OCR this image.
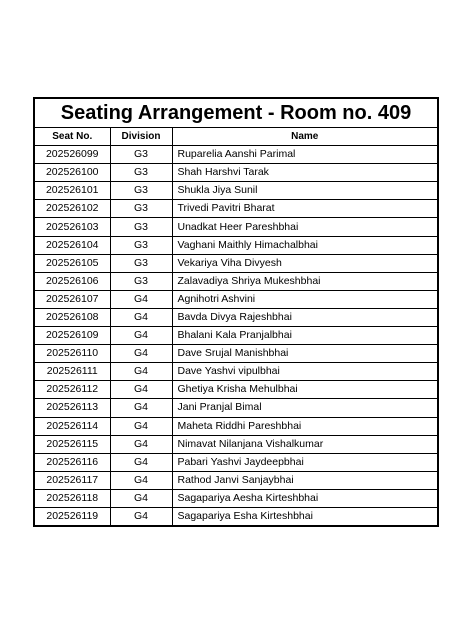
Seating Arrangement - Room no. 409
Seat No.	Division	Name
202526099	G3	Ruparelia Aanshi Parimal
202526100	G3	Shah Harshvi Tarak
202526101	G3	Shukla Jiya Sunil
202526102	G3	Trivedi Pavitri Bharat
202526103	G3	Unadkat Heer Pareshbhai
202526104	G3	Vaghani Maithly Himachalbhai
202526105	G3	Vekariya Viha Divyesh
202526106	G3	Zalavadiya Shriya Mukeshbhai
202526107	G4	Agnihotri Ashvini
202526108	G4	Bavda Divya Rajeshbhai
202526109	G4	Bhalani Kala Pranjalbhai
202526110	G4	Dave Srujal Manishbhai
202526111	G4	Dave Yashvi vipulbhai
202526112	G4	Ghetiya Krisha Mehulbhai
202526113	G4	Jani Pranjal Bimal
202526114	G4	Maheta Riddhi Pareshbhai
202526115	G4	Nimavat Nilanjana Vishalkumar
202526116	G4	Pabari Yashvi Jaydeepbhai
202526117	G4	Rathod Janvi Sanjaybhai
202526118	G4	Sagapariya Aesha Kirteshbhai
202526119	G4	Sagapariya Esha Kirteshbhai
